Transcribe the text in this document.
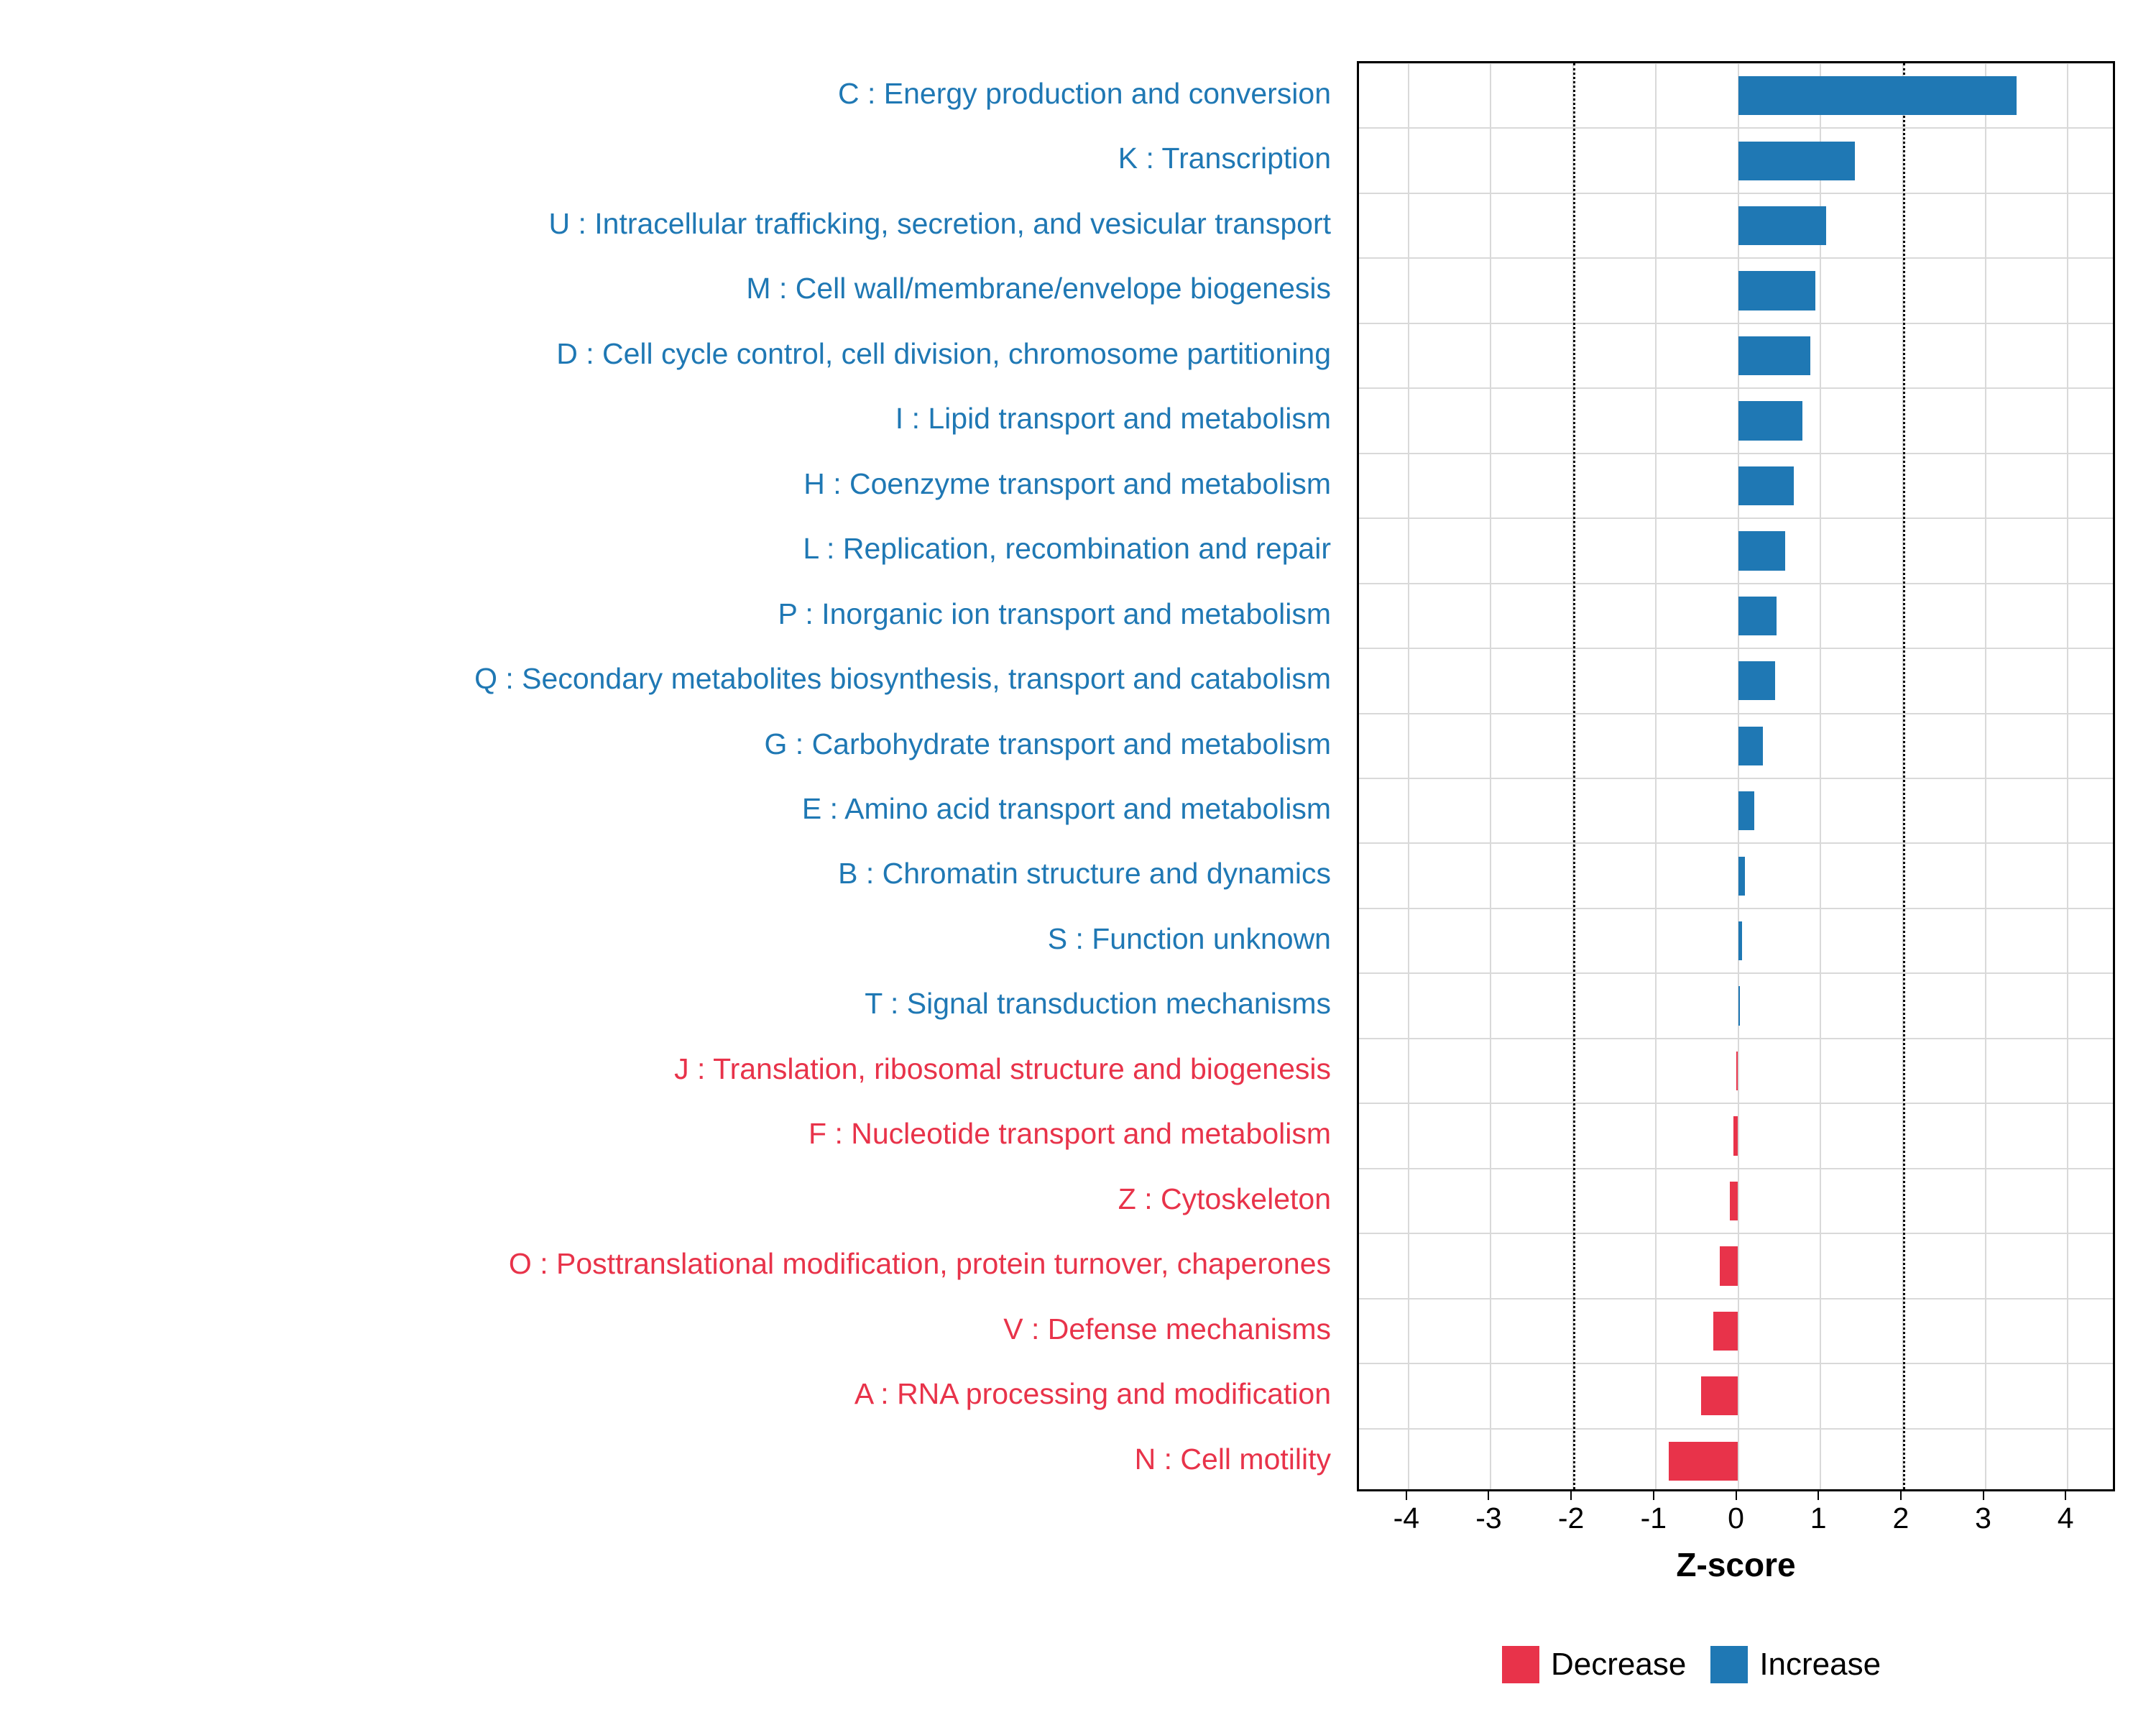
C : Energy production and conversion
K : Transcription
U : Intracellular trafficking, secretion, and vesicular transport
M : Cell wall/membrane/envelope biogenesis
D : Cell cycle control, cell division, chromosome partitioning
I : Lipid transport and metabolism
H : Coenzyme transport and metabolism
L : Replication, recombination and repair
P : Inorganic ion transport and metabolism
Q : Secondary metabolites biosynthesis, transport and catabolism
G : Carbohydrate transport and metabolism
E : Amino acid transport and metabolism
B : Chromatin structure and dynamics
S : Function unknown
T : Signal transduction mechanisms
J : Translation, ribosomal structure and biogenesis
F : Nucleotide transport and metabolism
Z : Cytoskeleton
O : Posttranslational modification, protein turnover, chaperones
V : Defense mechanisms
A : RNA processing and modification
N : Cell motility
-4 -3 -2 -1 0 1 2 3 4
Z-score
Decrease Increase
